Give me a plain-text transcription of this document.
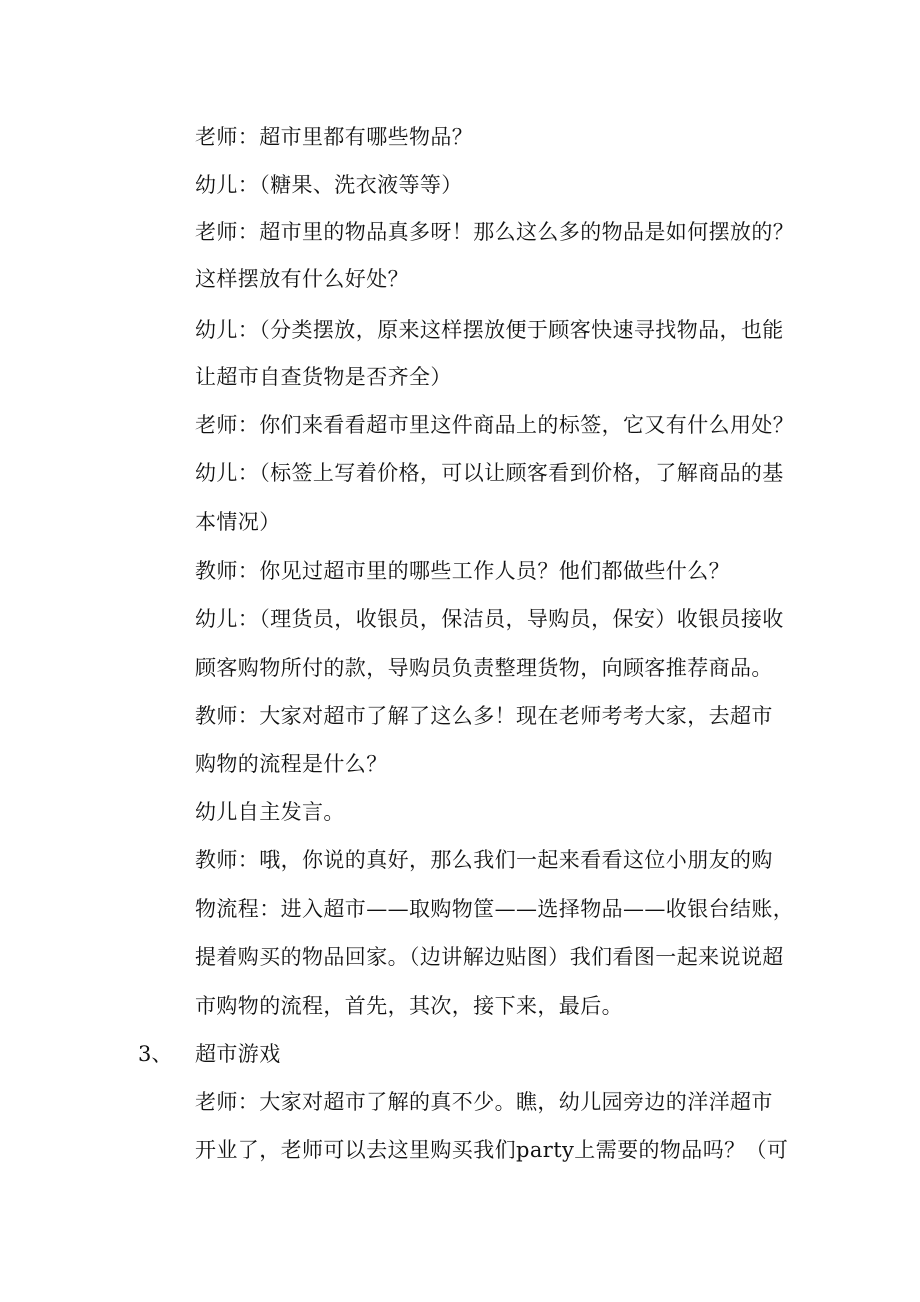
老师：超市里都有哪些物品？
幼儿：（糖果、洗衣液等等）
老师：超市里的物品真多呀！那么这么多的物品是如何摆放的？
这样摆放有什么好处？
幼儿：（分类摆放，原来这样摆放便于顾客快速寻找物品，也能
让超市自查货物是否齐全）
老师：你们来看看超市里这件商品上的标签，它又有什么用处？
幼儿：（标签上写着价格，可以让顾客看到价格，了解商品的基
本情况）
教师：你见过超市里的哪些工作人员？他们都做些什么？
幼儿：（理货员，收银员，保洁员，导购员，保安）收银员接收
顾客购物所付的款，导购员负责整理货物，向顾客推荐商品。
教师：大家对超市了解了这么多！现在老师考考大家，去超市
购物的流程是什么？
幼儿自主发言。
教师：哦，你说的真好，那么我们一起来看看这位小朋友的购
物流程：进入超市——取购物筐——选择物品——收银台结账，
提着购买的物品回家。（边讲解边贴图）我们看图一起来说说超
市购物的流程，首先，其次，接下来，最后。
3、 超市游戏
老师：大家对超市了解的真不少。瞧，幼儿园旁边的洋洋超市
开业了，老师可以去这里购买我们party上需要的物品吗？（可
